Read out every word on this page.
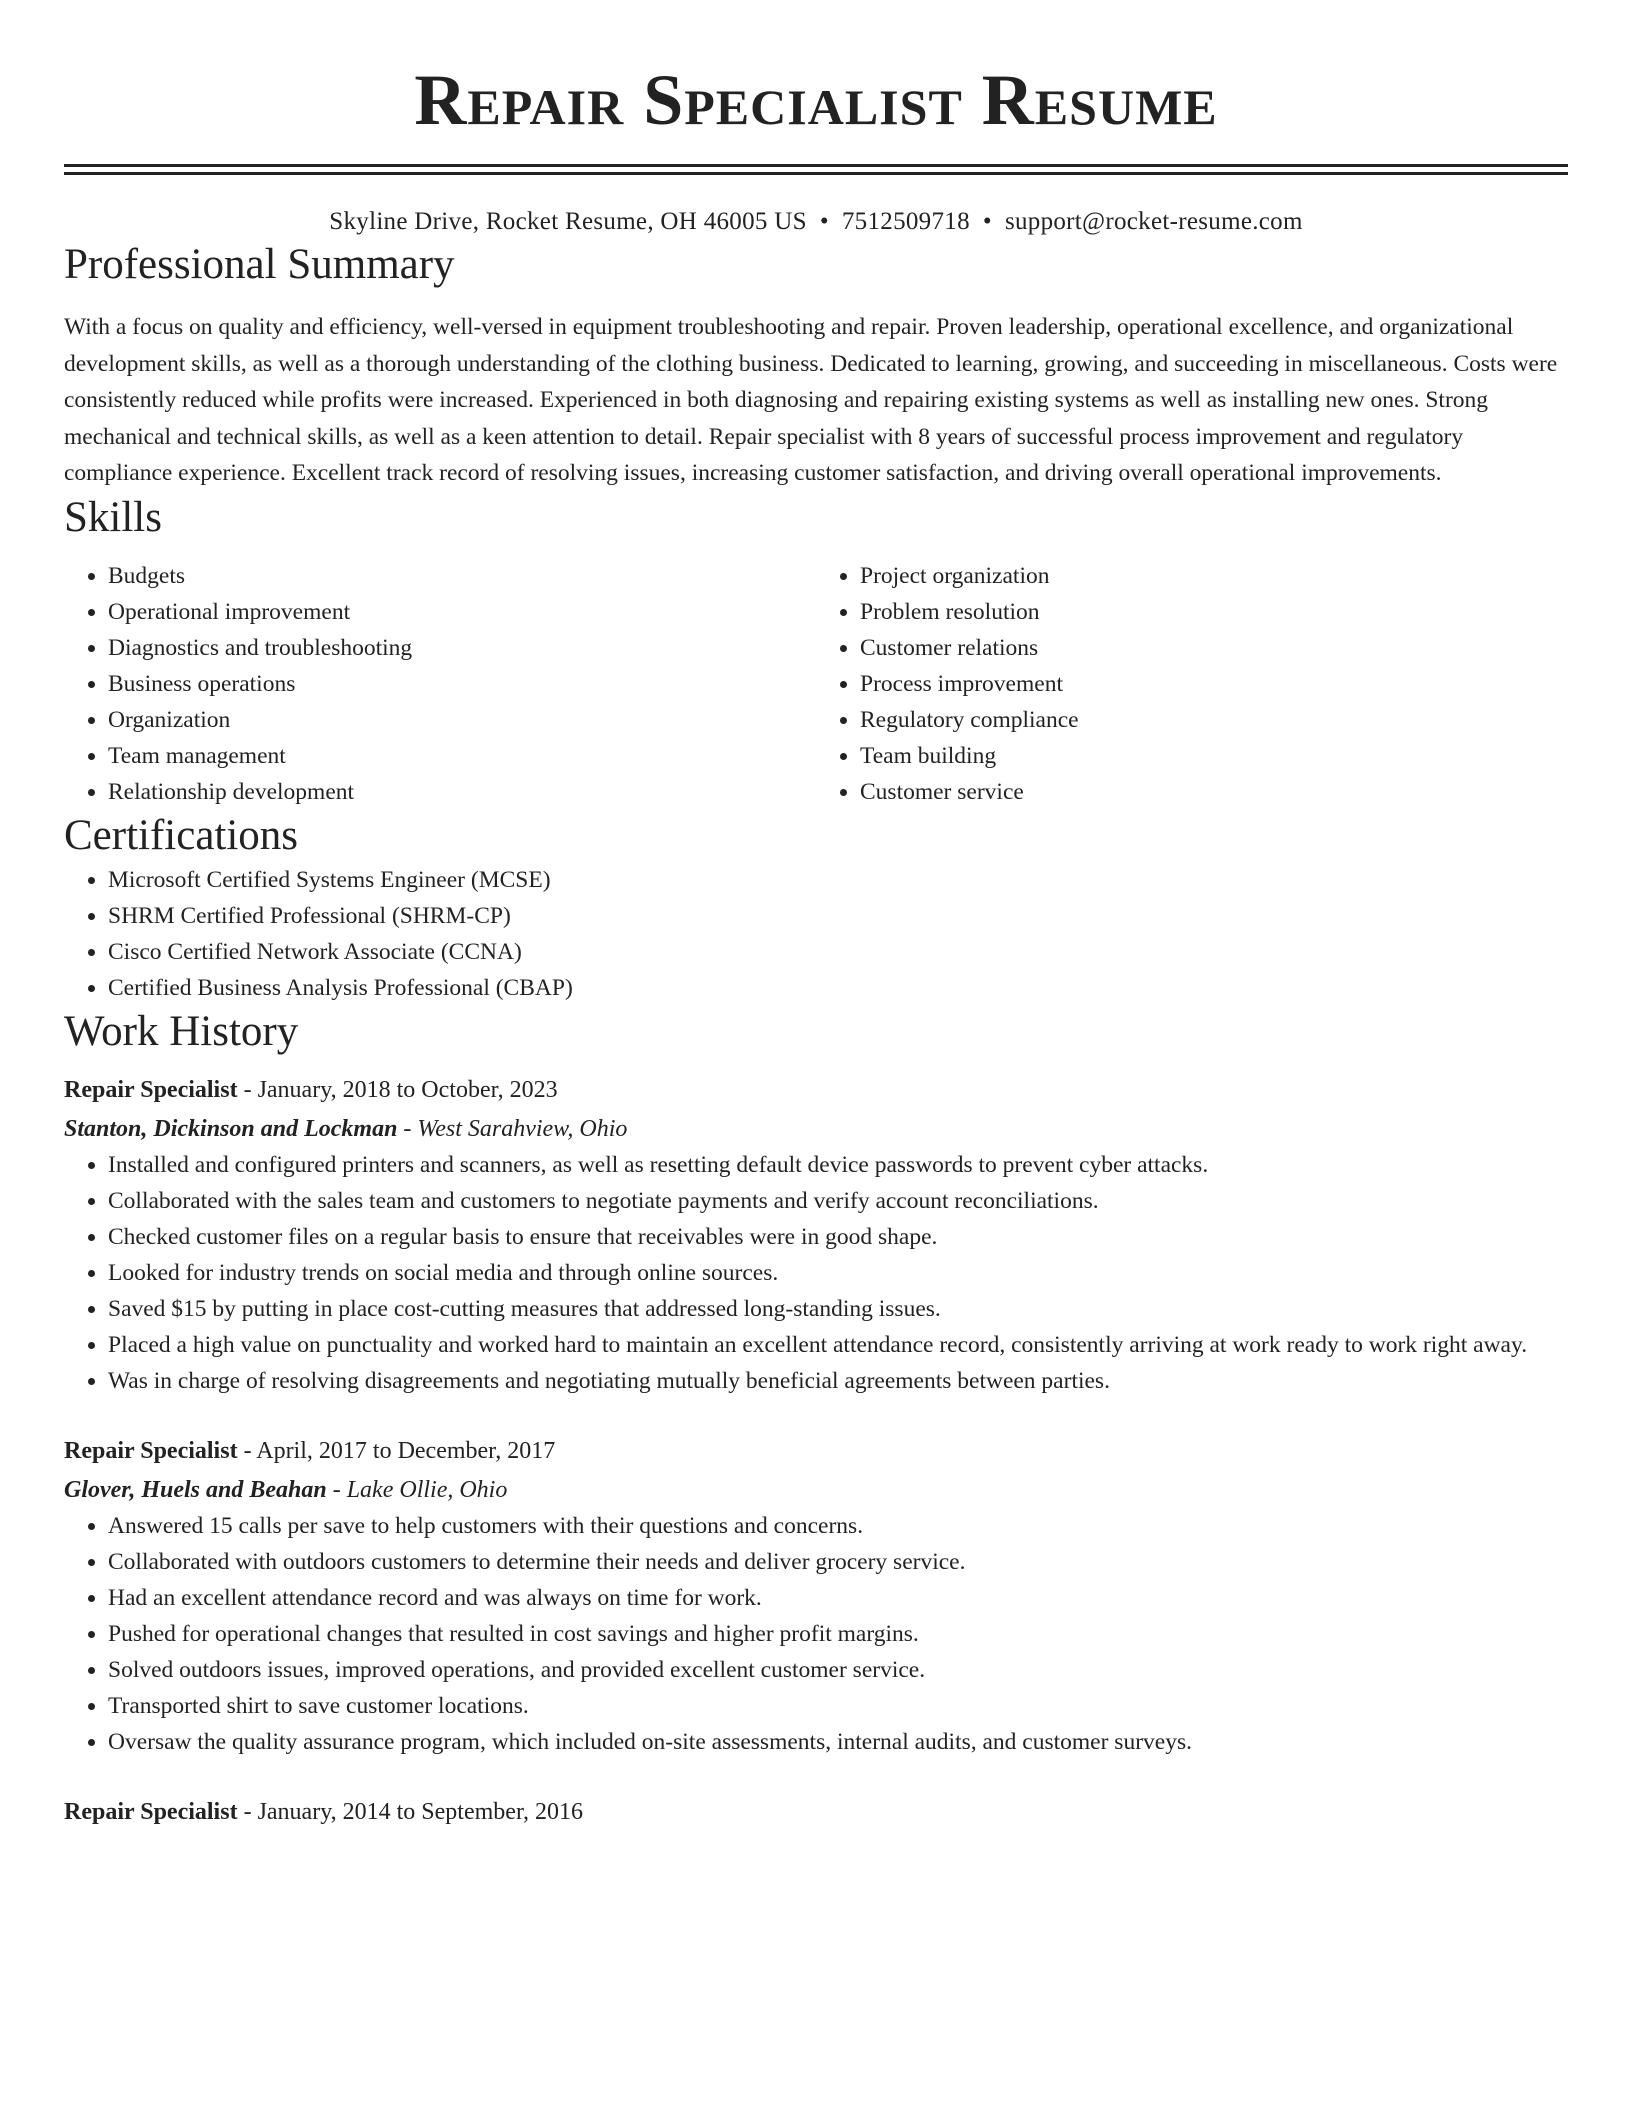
Repair Specialist Resume
Skyline Drive, Rocket Resume, OH 46005 US • 7512509718 • support@rocket-resume.com
Professional Summary

With a focus on quality and efficiency, well-versed in equipment troubleshooting and repair. Proven leadership, operational excellence, and organizational development skills, as well as a thorough understanding of the clothing business. Dedicated to learning, growing, and succeeding in miscellaneous. Costs were consistently reduced while profits were increased. Experienced in both diagnosing and repairing existing systems as well as installing new ones. Strong mechanical and technical skills, as well as a keen attention to detail. Repair specialist with 8 years of successful process improvement and regulatory compliance experience. Excellent track record of resolving issues, increasing customer satisfaction, and driving overall operational improvements.

Skills
• Budgets
• Operational improvement
• Diagnostics and troubleshooting
• Business operations
• Organization
• Team management
• Relationship development
• Project organization
• Problem resolution
• Customer relations
• Process improvement
• Regulatory compliance
• Team building
• Customer service
Certifications
• Microsoft Certified Systems Engineer (MCSE)
• SHRM Certified Professional (SHRM-CP)
• Cisco Certified Network Associate (CCNA)
• Certified Business Analysis Professional (CBAP)
Work History
Repair Specialist - January, 2018 to October, 2023
Stanton, Dickinson and Lockman - West Sarahview, Ohio
• Installed and configured printers and scanners, as well as resetting default device passwords to prevent cyber attacks.
• Collaborated with the sales team and customers to negotiate payments and verify account reconciliations.
• Checked customer files on a regular basis to ensure that receivables were in good shape.
• Looked for industry trends on social media and through online sources.
• Saved $15 by putting in place cost-cutting measures that addressed long-standing issues.
• Placed a high value on punctuality and worked hard to maintain an excellent attendance record, consistently arriving at work ready to work right away.
• Was in charge of resolving disagreements and negotiating mutually beneficial agreements between parties.
Repair Specialist - April, 2017 to December, 2017
Glover, Huels and Beahan - Lake Ollie, Ohio
• Answered 15 calls per save to help customers with their questions and concerns.
• Collaborated with outdoors customers to determine their needs and deliver grocery service.
• Had an excellent attendance record and was always on time for work.
• Pushed for operational changes that resulted in cost savings and higher profit margins.
• Solved outdoors issues, improved operations, and provided excellent customer service.
• Transported shirt to save customer locations.
• Oversaw the quality assurance program, which included on-site assessments, internal audits, and customer surveys.
Repair Specialist - January, 2014 to September, 2016
